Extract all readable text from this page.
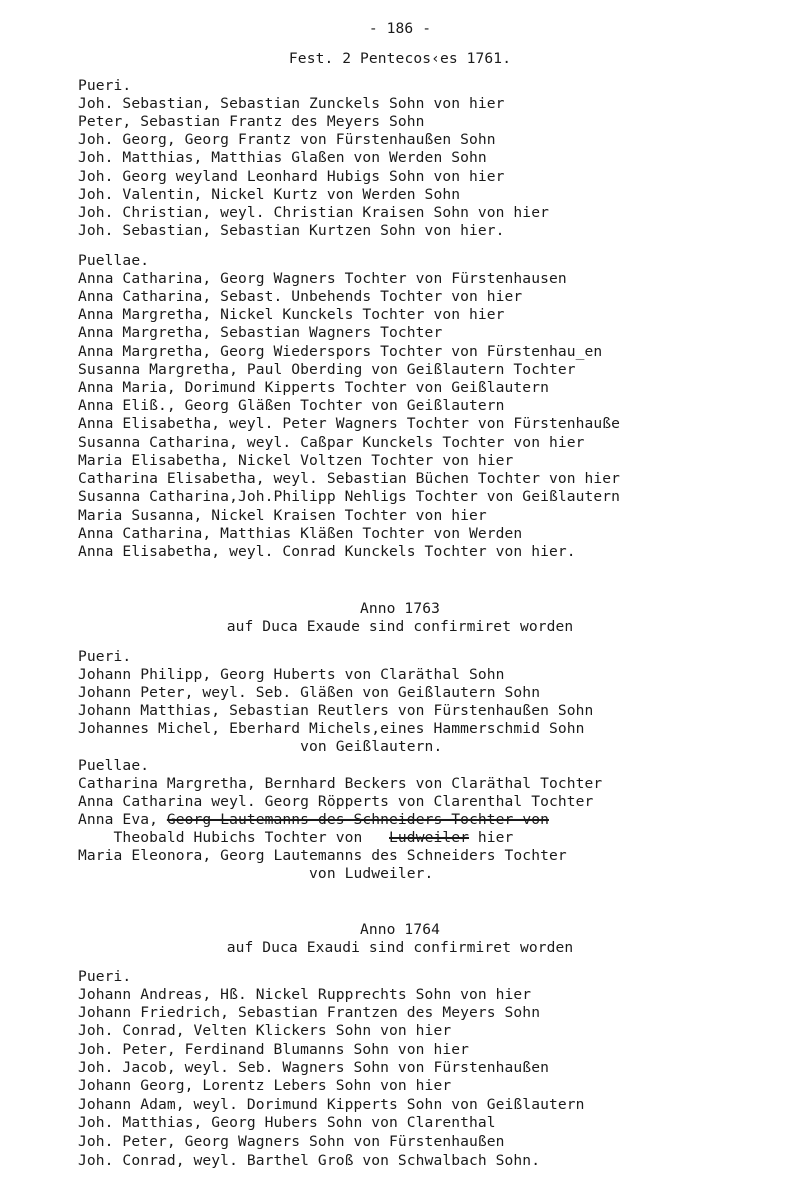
- 186 -

Fest. 2 Pentecos‹es 1761.

Pueri.

Joh. Sebastian, Sebastian Zunckels Sohn von hier

Peter, Sebastian Frantz des Meyers Sohn

Joh. Georg, Georg Frantz von Fürstenhaußen Sohn

Joh. Matthias, Matthias Glaßen von Werden Sohn

Joh. Georg weyland Leonhard Hubigs Sohn von hier

Joh. Valentin, Nickel Kurtz von Werden Sohn

Joh. Christian, weyl. Christian Kraisen Sohn von hier

Joh. Sebastian, Sebastian Kurtzen Sohn von hier.

Puellae.

Anna Catharina, Georg Wagners Tochter von Fürstenhausen

Anna Catharina, Sebast. Unbehends Tochter von hier

Anna Margretha, Nickel Kunckels Tochter von hier

Anna Margretha, Sebastian Wagners Tochter

Anna Margretha, Georg Wiederspors Tochter von Fürstenhau_en

Susanna Margretha, Paul Oberding von Geißlautern Tochter

Anna Maria, Dorimund Kipperts Tochter von Geißlautern

Anna Eliß., Georg Gläßen Tochter von Geißlautern

Anna Elisabetha, weyl. Peter Wagners Tochter von Fürstenhauße

Susanna Catharina, weyl. Caßpar Kunckels Tochter von hier

Maria Elisabetha, Nickel Voltzen Tochter von hier

Catharina Elisabetha, weyl. Sebastian Büchen Tochter von hier

Susanna Catharina,Joh.Philipp Nehligs Tochter von Geißlautern

Maria Susanna, Nickel Kraisen Tochter von hier

Anna Catharina, Matthias Kläßen Tochter von Werden

Anna Elisabetha, weyl. Conrad Kunckels Tochter von hier.

Anno 1763

auf Duca Exaude sind confirmiret worden

Pueri.

Johann Philipp, Georg Huberts von Claräthal Sohn

Johann Peter, weyl. Seb. Gläßen von Geißlautern Sohn

Johann Matthias, Sebastian Reutlers von Fürstenhaußen Sohn

Johannes Michel, Eberhard Michels,eines Hammerschmid Sohn

von Geißlautern.

Puellae.

Catharina Margretha, Bernhard Beckers von Claräthal Tochter

Anna Catharina weyl. Georg Röpperts von Clarenthal Tochter

Anna Eva, Georg Lautemanns des Schneiders Tochter von

Theobald Hubichs Tochter von   Ludweiler hier

Maria Eleonora, Georg Lautemanns des Schneiders Tochter

von Ludweiler.

Anno 1764

auf Duca Exaudi sind confirmiret worden

Pueri.

Johann Andreas, Hß. Nickel Rupprechts Sohn von hier

Johann Friedrich, Sebastian Frantzen des Meyers Sohn

Joh. Conrad, Velten Klickers Sohn von hier

Joh. Peter, Ferdinand Blumanns Sohn von hier

Joh. Jacob, weyl. Seb. Wagners Sohn von Fürstenhaußen

Johann Georg, Lorentz Lebers Sohn von hier

Johann Adam, weyl. Dorimund Kipperts Sohn von Geißlautern

Joh. Matthias, Georg Hubers Sohn von Clarenthal

Joh. Peter, Georg Wagners Sohn von Fürstenhaußen

Joh. Conrad, weyl. Barthel Groß von Schwalbach Sohn.
